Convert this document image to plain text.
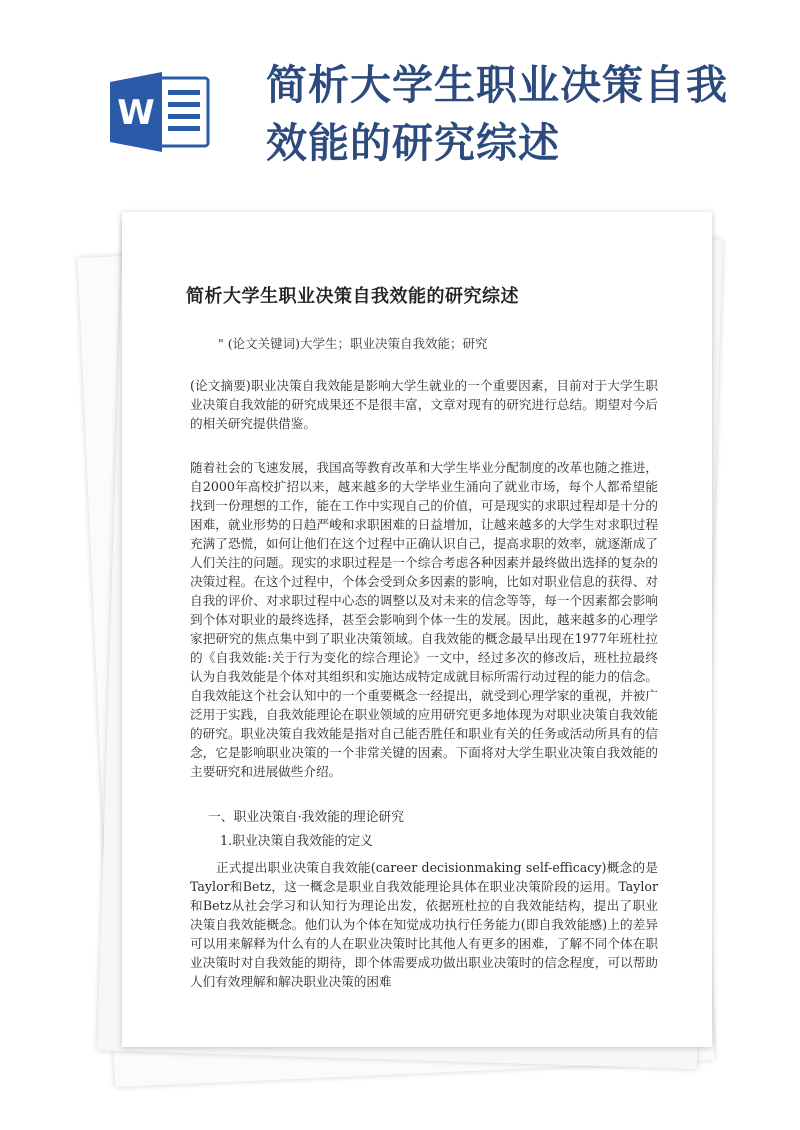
W
简析大学生职业决策自我效能的研究综述
简析大学生职业决策自我效能的研究综述
" (论文关键词)大学生；职业决策自我效能；研究

(论文摘要)职业决策自我效能是影响大学生就业的一个重要因素，目前对于大学生职业决策自我效能的研究成果还不是很丰富，文章对现有的研究进行总结。期望对今后的相关研究提供借鉴。

随着社会的飞速发展，我国高等教育改革和大学生毕业分配制度的改革也随之推进，自2000年高校扩招以来，越来越多的大学毕业生涌向了就业市场，每个人都希望能找到一份理想的工作，能在工作中实现自己的价值，可是现实的求职过程却是十分的困难，就业形势的日趋严峻和求职困难的日益增加，让越来越多的大学生对求职过程充满了恐慌，如何让他们在这个过程中正确认识自己，提高求职的效率，就逐渐成了人们关注的问题。现实的求职过程是一个综合考虑各种因素并最终做出选择的复杂的决策过程。在这个过程中，个体会受到众多因素的影响，比如对职业信息的获得、对自我的评价、对求职过程中心态的调整以及对未来的信念等等，每一个因素都会影响到个体对职业的最终选择，甚至会影响到个体一生的发展。因此，越来越多的心理学家把研究的焦点集中到了职业决策领域。自我效能的概念最早出现在1977年班杜拉的《自我效能:关于行为变化的综合理论》一文中，经过多次的修改后，班杜拉最终认为自我效能是个体对其组织和实施达成特定成就目标所需行动过程的能力的信念。自我效能这个社会认知中的一个重要概念一经提出，就受到心理学家的重视，并被广泛用于实践，自我效能理论在职业领域的应用研究更多地体现为对职业决策自我效能的研究。职业决策自我效能是指对自己能否胜任和职业有关的任务或活动所具有的信念，它是影响职业决策的一个非常关键的因素。下面将对大学生职业决策自我效能的主要研究和进展做些介绍。

一、职业决策自·我效能的理论研究
1.职业决策自我效能的定义

正式提出职业决策自我效能(career decisionmaking self-efficacy)概念的是Taylor和Betz，这一概念是职业自我效能理论具体在职业决策阶段的运用。Taylor和Betz从社会学习和认知行为理论出发，依据班杜拉的自我效能结构，提出了职业决策自我效能概念。他们认为个体在知觉成功执行任务能力(即自我效能感)上的差异可以用来解释为什么有的人在职业决策时比其他人有更多的困难，了解不同个体在职业决策时对自我效能的期待，即个体需要成功做出职业决策时的信念程度，可以帮助人们有效理解和解决职业决策的困难
